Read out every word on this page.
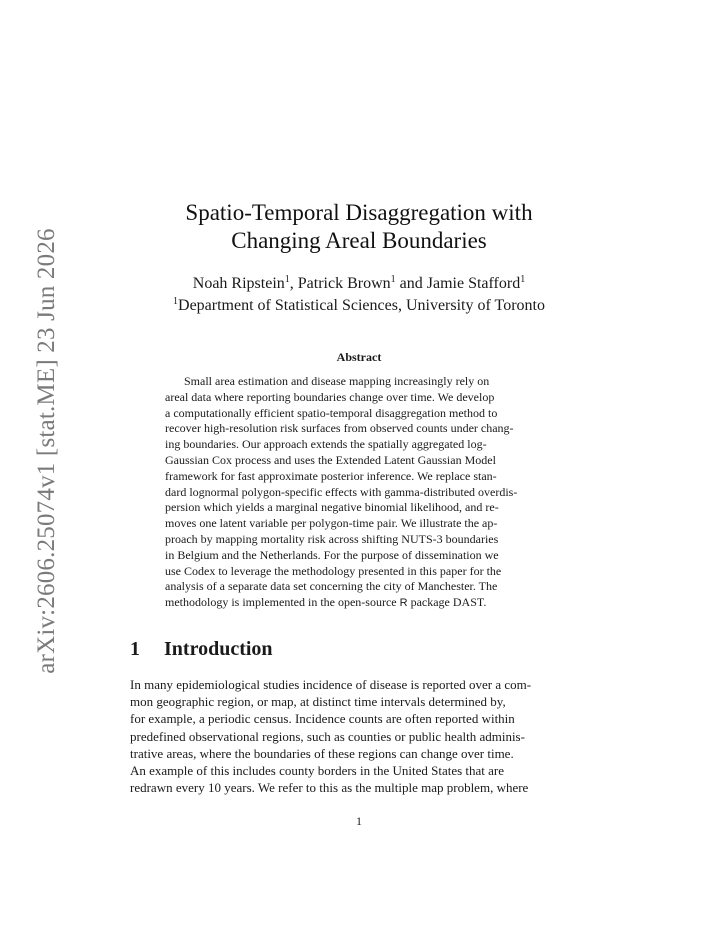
arXiv:2606.25074v1 [stat.ME] 23 Jun 2026
Spatio-Temporal Disaggregation with
Changing Areal Boundaries
Noah Ripstein$^1$, Patrick Brown$^1$ and Jamie Stafford$^1$
$^1$Department of Statistical Sciences, University of Toronto
Abstract
Small area estimation and disease mapping increasingly rely on
areal data where reporting boundaries change over time. We develop
a computationally efficient spatio-temporal disaggregation method to
recover high-resolution risk surfaces from observed counts under chang-
ing boundaries. Our approach extends the spatially aggregated log-
Gaussian Cox process and uses the Extended Latent Gaussian Model
framework for fast approximate posterior inference. We replace stan-
dard lognormal polygon-specific effects with gamma-distributed overdis-
persion which yields a marginal negative binomial likelihood, and re-
moves one latent variable per polygon-time pair. We illustrate the ap-
proach by mapping mortality risk across shifting NUTS-3 boundaries
in Belgium and the Netherlands. For the purpose of dissemination we
use Codex to leverage the methodology presented in this paper for the
analysis of a separate data set concerning the city of Manchester. The
methodology is implemented in the open-source R package DAST.
1 Introduction
In many epidemiological studies incidence of disease is reported over a com-
mon geographic region, or map, at distinct time intervals determined by,
for example, a periodic census. Incidence counts are often reported within
predefined observational regions, such as counties or public health adminis-
trative areas, where the boundaries of these regions can change over time.
An example of this includes county borders in the United States that are
redrawn every 10 years. We refer to this as the multiple map problem, where
1
